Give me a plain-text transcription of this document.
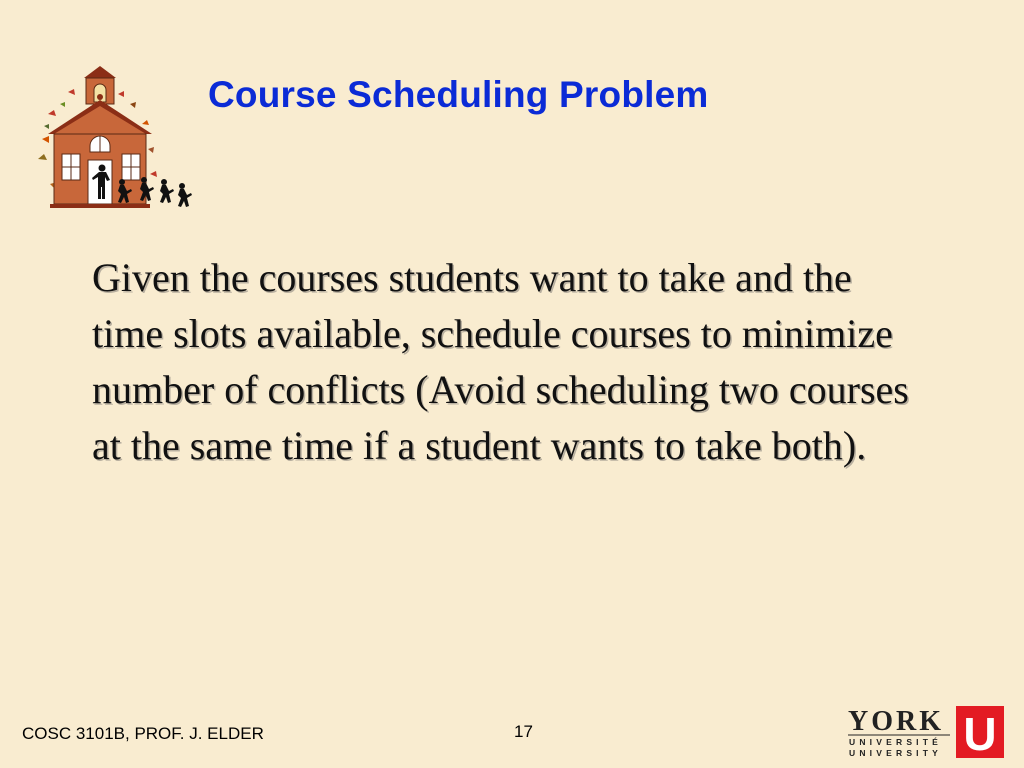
Course Scheduling Problem
Given the courses students want to take and the time slots available, schedule courses to minimize number of conflicts (Avoid scheduling two courses at the same time if a student wants to take both).
COSC 3101B, PROF. J. ELDER	17	YORK
UNIVERSITÉ
UNIVERSITY U
